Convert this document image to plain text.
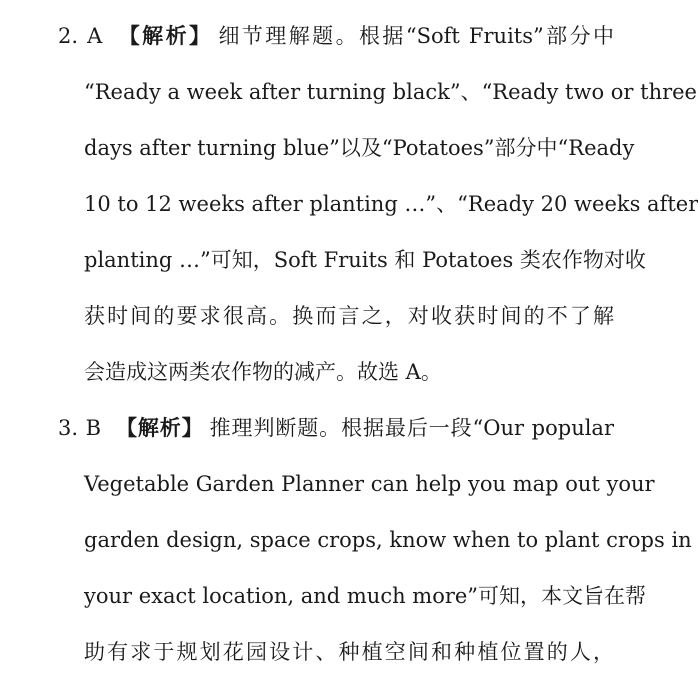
2. A 【解析】 细节理解题。根据“Soft Fruits”部分中
“Ready a week after turning black”、“Ready two or three
days after turning blue”以及“Potatoes”部分中“Ready
10 to 12 weeks after planting …”、“Ready 20 weeks after
planting …”可知，Soft Fruits 和 Potatoes 类农作物对收
获时间的要求很高。换而言之，对收获时间的不了解
会造成这两类农作物的减产。故选 A。
3. B 【解析】 推理判断题。根据最后一段“Our popular
Vegetable Garden Planner can help you map out your
garden design, space crops, know when to plant crops in
your exact location, and much more”可知，本文旨在帮
助有求于规划花园设计、种植空间和种植位置的人，
